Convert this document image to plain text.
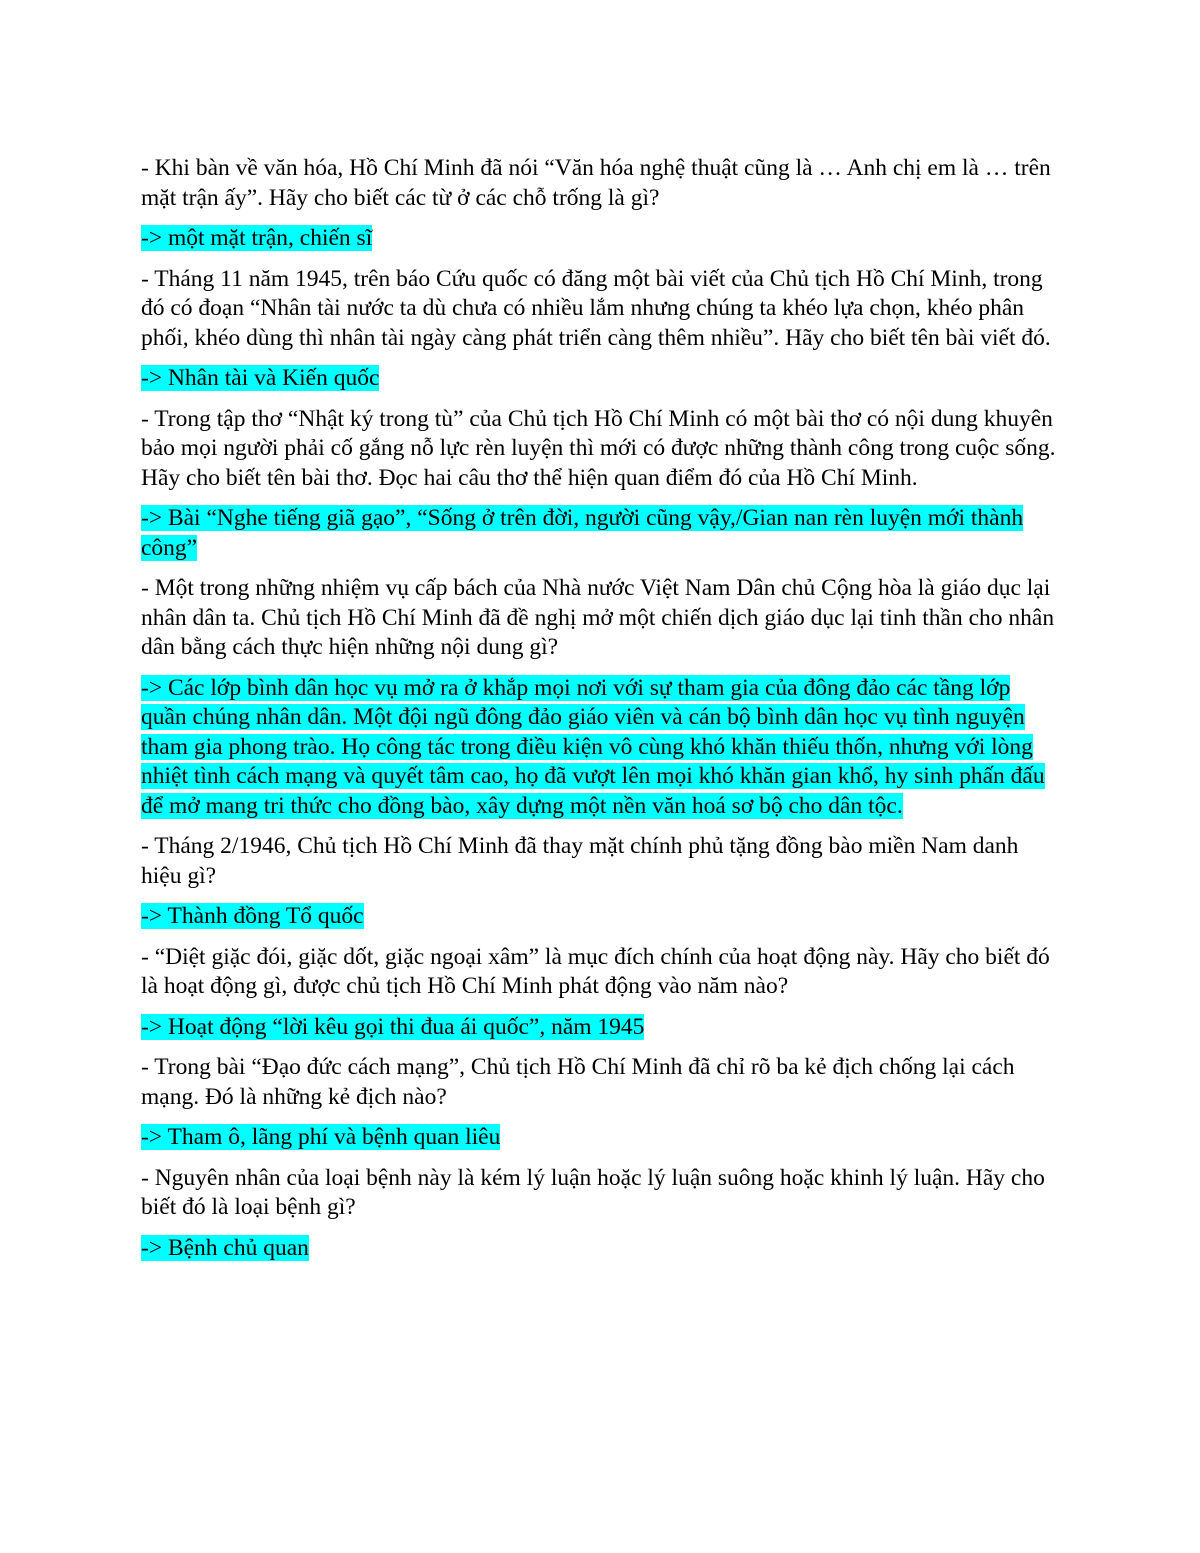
- Khi bàn về văn hóa, Hồ Chí Minh đã nói “Văn hóa nghệ thuật cũng là … Anh chị em là … trên mặt trận ấy”. Hãy cho biết các từ ở các chỗ trống là gì?

-> một mặt trận, chiến sĩ

- Tháng 11 năm 1945, trên báo Cứu quốc có đăng một bài viết của Chủ tịch Hồ Chí Minh, trong đó có đoạn “Nhân tài nước ta dù chưa có nhiều lắm nhưng chúng ta khéo lựa chọn, khéo phân phối, khéo dùng thì nhân tài ngày càng phát triển càng thêm nhiều”. Hãy cho biết tên bài viết đó.

-> Nhân tài và Kiến quốc

- Trong tập thơ “Nhật ký trong tù” của Chủ tịch Hồ Chí Minh có một bài thơ có nội dung khuyên bảo mọi người phải cố gắng nỗ lực rèn luyện thì mới có được những thành công trong cuộc sống. Hãy cho biết tên bài thơ. Đọc hai câu thơ thể hiện quan điểm đó của Hồ Chí Minh.

-> Bài “Nghe tiếng giã gạo”, “Sống ở trên đời, người cũng vậy,/Gian nan rèn luyện mới thành công”

- Một trong những nhiệm vụ cấp bách của Nhà nước Việt Nam Dân chủ Cộng hòa là giáo dục lại nhân dân ta. Chủ tịch Hồ Chí Minh đã đề nghị mở một chiến dịch giáo dục lại tinh thần cho nhân dân bằng cách thực hiện những nội dung gì?

-> Các lớp bình dân học vụ mở ra ở khắp mọi nơi với sự tham gia của đông đảo các tầng lớp quần chúng nhân dân. Một đội ngũ đông đảo giáo viên và cán bộ bình dân học vụ tình nguyện tham gia phong trào. Họ công tác trong điều kiện vô cùng khó khăn thiếu thốn, nhưng với lòng nhiệt tình cách mạng và quyết tâm cao, họ đã vượt lên mọi khó khăn gian khổ, hy sinh phấn đấu để mở mang tri thức cho đồng bào, xây dựng một nền văn hoá sơ bộ cho dân tộc.

- Tháng 2/1946, Chủ tịch Hồ Chí Minh đã thay mặt chính phủ tặng đồng bào miền Nam danh hiệu gì?

-> Thành đồng Tổ quốc

- “Diệt giặc đói, giặc dốt, giặc ngoại xâm” là mục đích chính của hoạt động này. Hãy cho biết đó là hoạt động gì, được chủ tịch Hồ Chí Minh phát động vào năm nào?

-> Hoạt động “lời kêu gọi thi đua ái quốc”, năm 1945

- Trong bài “Đạo đức cách mạng”, Chủ tịch Hồ Chí Minh đã chỉ rõ ba kẻ địch chống lại cách mạng. Đó là những kẻ địch nào?

-> Tham ô, lãng phí và bệnh quan liêu

- Nguyên nhân của loại bệnh này là kém lý luận hoặc lý luận suông hoặc khinh lý luận. Hãy cho biết đó là loại bệnh gì?

-> Bệnh chủ quan
